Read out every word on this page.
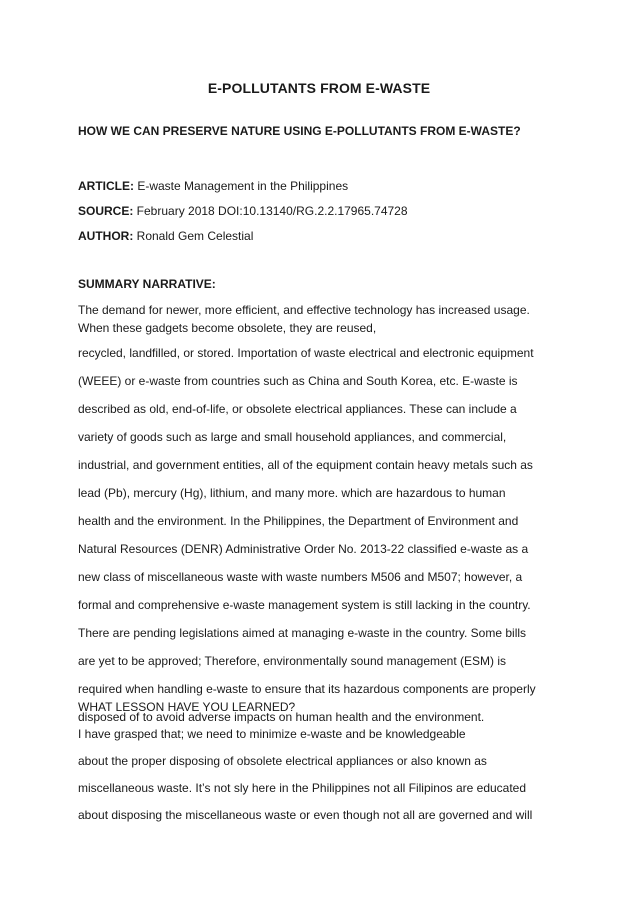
E-POLLUTANTS FROM E-WASTE
HOW WE CAN PRESERVE NATURE USING E-POLLUTANTS FROM E-WASTE?
ARTICLE: E-waste Management in the Philippines
SOURCE: February 2018 DOI:10.13140/RG.2.2.17965.74728
AUTHOR: Ronald Gem Celestial
SUMMARY NARRATIVE:
The demand for newer, more efficient, and effective technology has increased usage.
When these gadgets become obsolete, they are reused,
recycled, landfilled, or stored. Importation of waste electrical and electronic equipment
(WEEE) or e-waste from countries such as China and South Korea, etc. E-waste is
described as old, end-of-life, or obsolete electrical appliances. These can include a
variety of goods such as large and small household appliances, and commercial,
industrial, and government entities, all of the equipment contain heavy metals such as
lead (Pb), mercury (Hg), lithium, and many more. which are hazardous to human
health and the environment. In the Philippines, the Department of Environment and
Natural Resources (DENR) Administrative Order No. 2013-22 classified e-waste as a
new class of miscellaneous waste with waste numbers M506 and M507; however, a
formal and comprehensive e-waste management system is still lacking in the country.
There are pending legislations aimed at managing e-waste in the country. Some bills
are yet to be approved; Therefore, environmentally sound management (ESM) is
required when handling e-waste to ensure that its hazardous components are properly
disposed of to avoid adverse impacts on human health and the environment.
WHAT LESSON HAVE YOU LEARNED?
I have grasped that; we need to minimize e-waste and be knowledgeable
about the proper disposing of obsolete electrical appliances or also known as
miscellaneous waste. It’s not sly here in the Philippines not all Filipinos are educated
about disposing the miscellaneous waste or even though not all are governed and will
